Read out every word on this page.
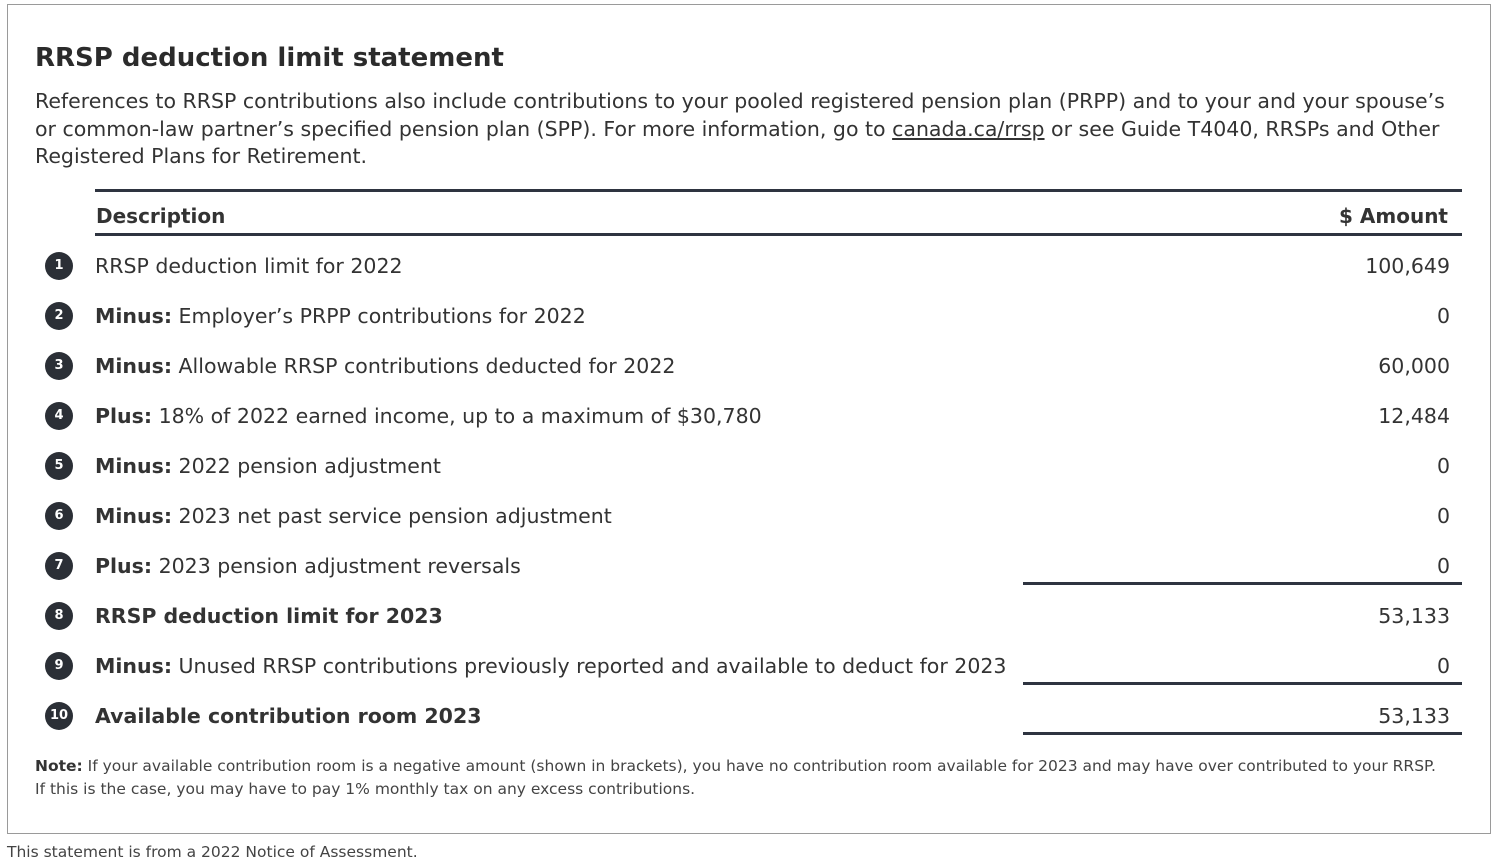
RRSP deduction limit statement
References to RRSP contributions also include contributions to your pooled registered pension plan (PRPP) and to your and your spouse’s or common-law partner’s specified pension plan (SPP). For more information, go to canada.ca/rrsp or see Guide T4040, RRSPs and Other Registered Plans for Retirement.
Description	$ Amount
1	RRSP deduction limit for 2022	100,649
2	Minus: Employer’s PRPP contributions for 2022	0
3	Minus: Allowable RRSP contributions deducted for 2022	60,000
4	Plus: 18% of 2022 earned income, up to a maximum of $30,780	12,484
5	Minus: 2022 pension adjustment	0
6	Minus: 2023 net past service pension adjustment	0
7	Plus: 2023 pension adjustment reversals	0
8	RRSP deduction limit for 2023	53,133
9	Minus: Unused RRSP contributions previously reported and available to deduct for 2023	0
10 Available contribution room 2023	53,133
Note: If your available contribution room is a negative amount (shown in brackets), you have no contribution room available for 2023 and may have over contributed to your RRSP.
If this is the case, you may have to pay 1% monthly tax on any excess contributions.
This statement is from a 2022 Notice of Assessment.
